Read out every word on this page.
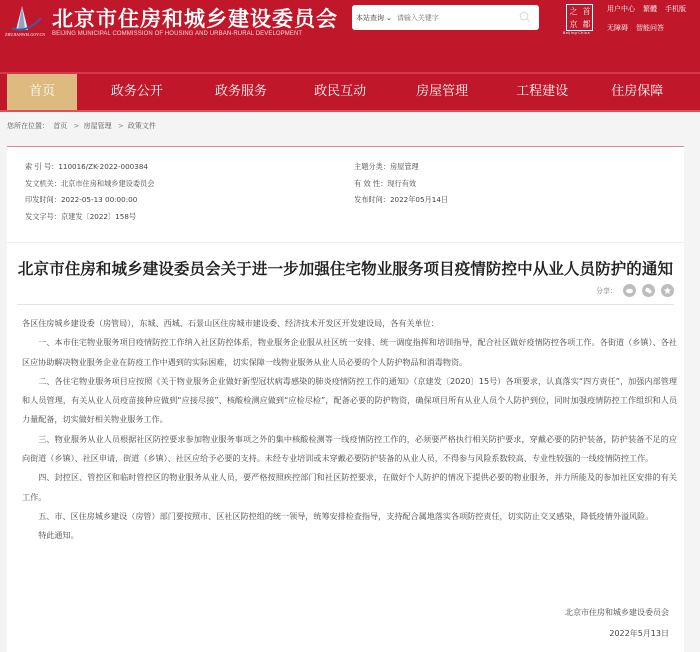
ZHUJIANWEI.GOV.CN
北京市住房和城乡建设委员会
BEIJING MUNICIPAL COMMISSION OF HOUSING AND URBAN-RURAL DEVELOPMENT
本站查询 ⌄
请输入关键字
之 首
京 都
Beijing·China
用户中心 繁體 手机版
无障碍 智能问答
首页	政务公开	政务服务	政民互动	房屋管理	工程建设	住房保障
您所在位置： 首页 > 房屋管理 > 政策文件
索 引 号：110016/ZK-2022-000384
发文机关：北京市住房和城乡建设委员会
印发时间：2022-05-13 00:00:00
发文字号：京建发〔2022〕158号
主题分类：房屋管理
有 效 性：现行有效
发布时间：2022年05月14日
北京市住房和城乡建设委员会关于进一步加强住宅物业服务项目疫情防控中从业人员防护的通知
分享：

各区住房城乡建设委（房管局），东城、西城、石景山区住房城市建设委、经济技术开发区开发建设局，各有关单位：

一、本市住宅物业服务项目疫情防控工作纳入社区防控体系，物业服务企业服从社区统一安排、统一调度指挥和培训指导，配合社区做好疫情防控各项工作。各街道（乡镇）、各社区应协助解决物业服务企业在防疫工作中遇到的实际困难，切实保障一线物业服务从业人员必要的个人防护物品和消毒物资。

二、各住宅物业服务项目应按照《关于物业服务企业做好新型冠状病毒感染的肺炎疫情防控工作的通知》（京建发〔2020〕15号）各项要求，认真落实“四方责任”，加强内部管理和人员管理，有关从业人员疫苗接种应做到“应接尽接”、核酸检测应做到“应检尽检”，配备必要的防护物资，确保项目所有从业人员个人防护到位，同时加强疫情防控工作组织和人员力量配备，切实做好相关物业服务工作。

三、物业服务从业人员根据社区防控要求参加物业服务事项之外的集中核酸检测等一线疫情防控工作的，必须要严格执行相关防护要求，穿戴必要的防护装备，防护装备不足的应向街道（乡镇）、社区申请，街道（乡镇）、社区应给予必要的支持。未经专业培训或未穿戴必要防护装备的从业人员，不得参与风险系数较高、专业性较强的一线疫情防控工作。

四、封控区、管控区和临时管控区的物业服务从业人员，要严格按照疾控部门和社区防控要求，在做好个人防护的情况下提供必要的物业服务，并力所能及的参加社区安排的有关工作。

五、市、区住房城乡建设（房管）部门要按照市、区社区防控组的统一领导，统筹安排检查指导，支持配合属地落实各项防控责任，切实防止交叉感染，降低疫情外溢风险。

特此通知。

北京市住房和城乡建设委员会
2022年5月13日
